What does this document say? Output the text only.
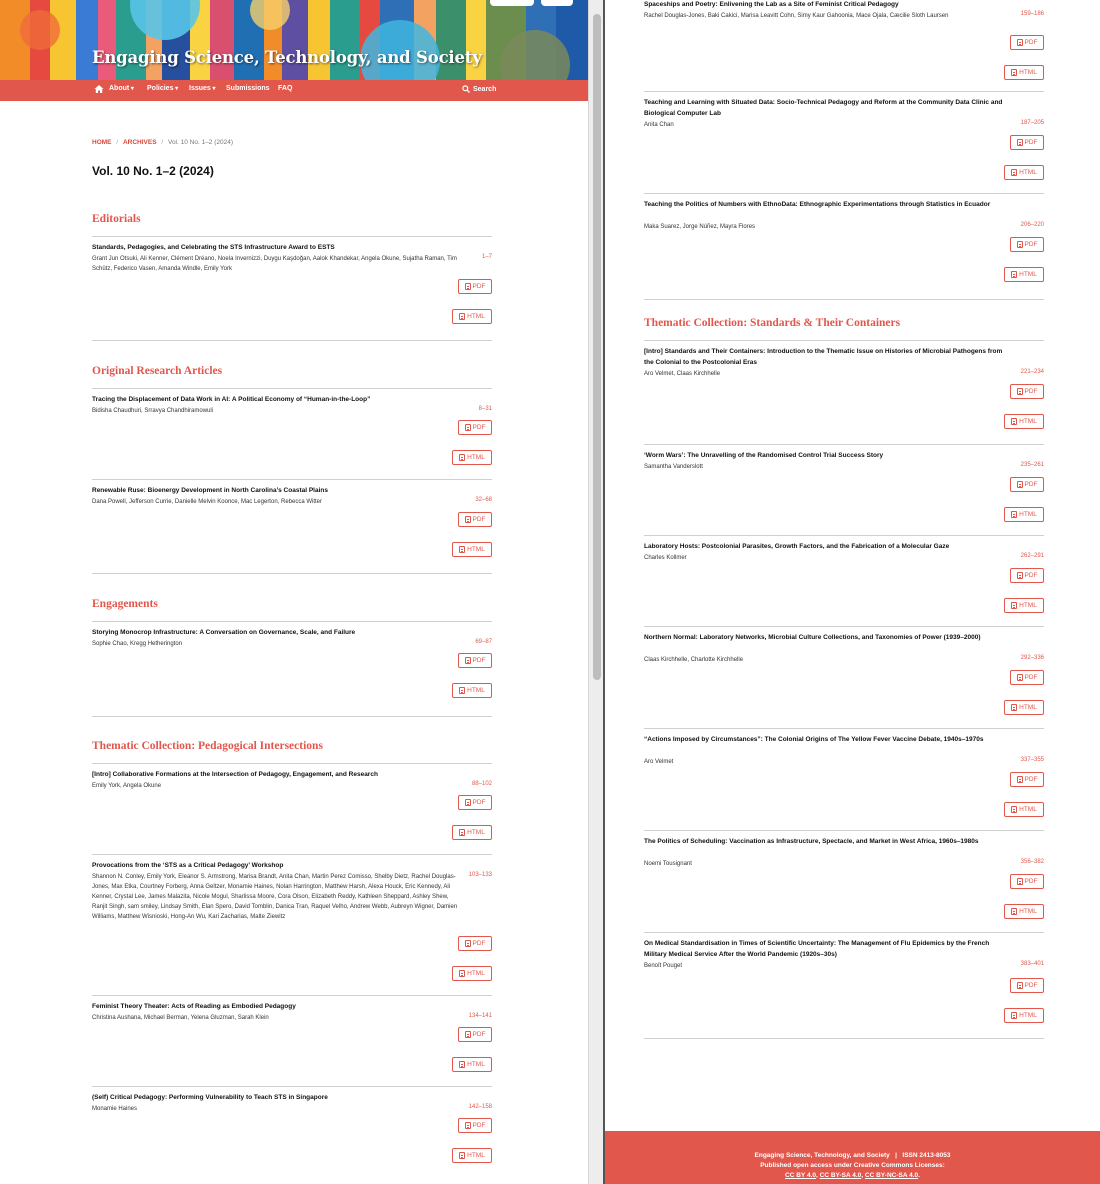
Engaging Science, Technology, and Society
About ▾ Policies ▾ Issues ▾ Submissions FAQ	Search
HOME / ARCHIVES / Vol. 10 No. 1–2 (2024)
Vol. 10 No. 1–2 (2024)
Editorials
Standards, Pedagogies, and Celebrating the STS Infrastructure Award to ESTS
Grant Jun Otsuki, Ali Kenner, Clément Dréano, Noela Invernizzi, Duygu Kaşdoğan, Aalok Khandekar, Angela Okune, Sujatha Raman, Tim Schütz, Federico Vasen, Amanda Windle, Emily York
1–7
PDF
HTML
Original Research Articles
Tracing the Displacement of Data Work in AI: A Political Economy of “Human-in-the-Loop”
Bidisha Chaudhuri, Srravya Chandhiramowuli	8–31
PDF
HTML
Renewable Ruse: Bioenergy Development in North Carolina’s Coastal Plains
Dana Powell, Jefferson Currie, Danielle Melvin Koonce, Mac Legerton, Rebecca Witter	32–68
PDF
HTML
Engagements
Storying Monocrop Infrastructure: A Conversation on Governance, Scale, and Failure
Sophie Chao, Kregg Hetherington	69–87
PDF
HTML
Thematic Collection: Pedagogical Intersections
[Intro] Collaborative Formations at the Intersection of Pedagogy, Engagement, and Research
Emily York, Angela Okune	88–102
PDF
HTML
Provocations from the ‘STS as a Critical Pedagogy’ Workshop
Shannon N. Conley, Emily York, Eleanor S. Armstrong, Marisa Brandt, Anita Chan, Martin Perez Comisso, Shelby Dietz, Rachel Douglas-Jones, Max Etka, Courtney Forberg, Anna Geltzer, Monamie Haines, Nolan Harrington, Matthew Harsh, Alexa Houck, Eric Kennedy, Ali Kenner, Crystal Lee, James Malazita, Nicole Mogul, Sharlissa Moore, Cora Olson, Elizabeth Reddy, Kathleen Sheppard, Ashley Shew, Ranjit Singh, sam smiley, Lindsay Smith, Elan Spero, David Tomblin, Danica Tran, Raquel Velho, Andrew Webb, Aubreyn Wigner, Damien Williams, Matthew Wisnioski, Hong-An Wu, Kari Zacharias, Malte Ziewitz
103–133
PDF
HTML
Feminist Theory Theater: Acts of Reading as Embodied Pedagogy
Christina Aushana, Michael Berman, Yelena Gluzman, Sarah Klein	134–141
PDF
HTML
(Self) Critical Pedagogy: Performing Vulnerability to Teach STS in Singapore
Monamie Haines	142–158
PDF
HTML
Spaceships and Poetry: Enlivening the Lab as a Site of Feminist Critical Pedagogy
Rachel Douglas-Jones, Baki Cakici, Marisa Leavitt Cohn, Simy Kaur Gahoonia, Mace Ojala, Cæcilie Sloth Laursen	159–186
PDF
HTML
Teaching and Learning with Situated Data: Socio-Technical Pedagogy and Reform at the Community Data Clinic and Biological Computer Lab
Anita Chan	187–205
PDF
HTML
Teaching the Politics of Numbers with EthnoData: Ethnographic Experimentations through Statistics in Ecuador
Maka Suarez, Jorge Núñez, Mayra Flores	206–220
PDF
HTML
Thematic Collection: Standards & Their Containers
[Intro] Standards and Their Containers: Introduction to the Thematic Issue on Histories of Microbial Pathogens from the Colonial to the Postcolonial Eras
Aro Velmet, Claas Kirchhelle	221–234
PDF
HTML
‘Worm Wars’: The Unravelling of the Randomised Control Trial Success Story
Samantha Vanderslott	235–261
PDF
HTML
Laboratory Hosts: Postcolonial Parasites, Growth Factors, and the Fabrication of a Molecular Gaze
Charles Kollmer	262–291
PDF
HTML
Northern Normal: Laboratory Networks, Microbial Culture Collections, and Taxonomies of Power (1939–2000)
Claas Kirchhelle, Charlotte Kirchhelle	292–336
PDF
HTML
“Actions Imposed by Circumstances”: The Colonial Origins of The Yellow Fever Vaccine Debate, 1940s–1970s
Aro Velmet	337–355
PDF
HTML
The Politics of Scheduling: Vaccination as Infrastructure, Spectacle, and Market in West Africa, 1960s–1980s
Noemi Tousignant	356–382
PDF
HTML
On Medical Standardisation in Times of Scientific Uncertainty: The Management of Flu Epidemics by the French Military Medical Service After the World Pandemic (1920s–30s)
Benoît Pouget	383–401
PDF
HTML
Engaging Science, Technology, and Society | ISSN 2413-8053
Published open access under Creative Commons Licenses:
CC BY 4.0, CC BY-SA 4.0, CC BY-NC-SA 4.0.
